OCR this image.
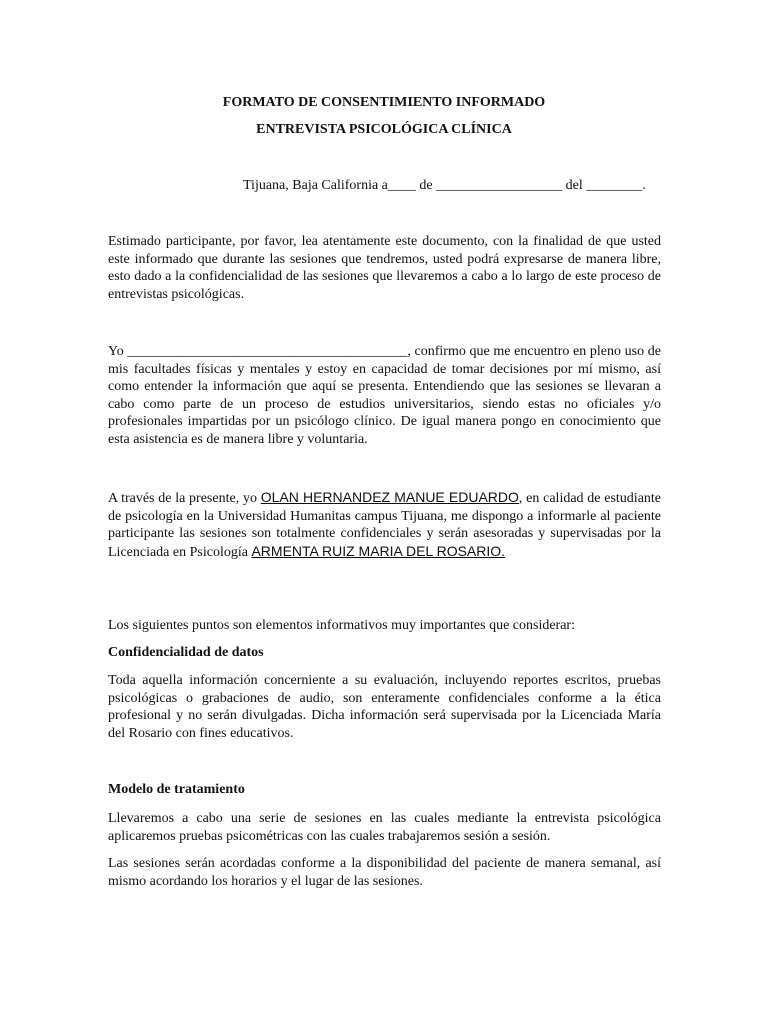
FORMATO DE CONSENTIMIENTO INFORMADO
ENTREVISTA PSICOLÓGICA CLÍNICA
Tijuana, Baja California a____ de __________________ del ________.

Estimado participante, por favor, lea atentamente este documento, con la finalidad de que usted este informado que durante las sesiones que tendremos, usted podrá expresarse de manera libre, esto dado a la confidencialidad de las sesiones que llevaremos a cabo a lo largo de este proceso de entrevistas psicológicas.

Yo ________________________________________, confirmo que me encuentro en pleno uso de mis facultades físicas y mentales y estoy en capacidad de tomar decisiones por mí mismo, así como entender la información que aquí se presenta. Entendiendo que las sesiones se llevaran a cabo como parte de un proceso de estudios universitarios, siendo estas no oficiales y/o profesionales impartidas por un psicólogo clínico. De igual manera pongo en conocimiento que esta asistencia es de manera libre y voluntaria.

A través de la presente, yo OLAN HERNANDEZ MANUE EDUARDO, en calidad de estudiante de psicología en la Universidad Humanitas campus Tijuana, me dispongo a informarle al paciente participante las sesiones son totalmente confidenciales y serán asesoradas y supervisadas por la Licenciada en Psicología ARMENTA RUIZ MARIA DEL ROSARIO.

Los siguientes puntos son elementos informativos muy importantes que considerar:

Confidencialidad de datos

Toda aquella información concerniente a su evaluación, incluyendo reportes escritos, pruebas psicológicas o grabaciones de audio, son enteramente confidenciales conforme a la ética profesional y no serán divulgadas. Dicha información será supervisada por la Licenciada María del Rosario con fines educativos.

Modelo de tratamiento

Llevaremos a cabo una serie de sesiones en las cuales mediante la entrevista psicológica aplicaremos pruebas psicométricas con las cuales trabajaremos sesión a sesión.

Las sesiones serán acordadas conforme a la disponibilidad del paciente de manera semanal, así mismo acordando los horarios y el lugar de las sesiones.
